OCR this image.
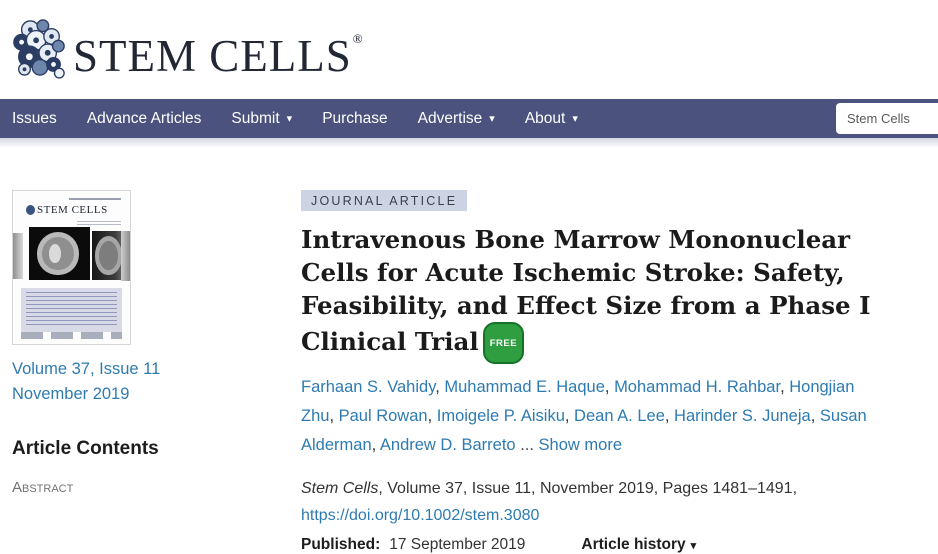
STEM CELLS®
Issues Advance Articles Submit ▾ Purchase Advertise ▾ About ▾	Stem Cells
STEM CELLS
Volume 37, Issue 11
November 2019
Article Contents
Abstract
JOURNAL ARTICLE
Intravenous Bone Marrow Mononuclear Cells for Acute Ischemic Stroke: Safety, Feasibility, and Effect Size from a Phase I Clinical Trial FREE
Farhaan S. Vahidy, Muhammad E. Haque, Mohammad H. Rahbar, Hongjian Zhu, Paul Rowan, Imoigele P. Aisiku, Dean A. Lee, Harinder S. Juneja, Susan Alderman, Andrew D. Barreto ... Show more
Stem Cells, Volume 37, Issue 11, November 2019, Pages 1481–1491,
https://doi.org/10.1002/stem.3080
Published: 17 September 2019	Article history ▾
